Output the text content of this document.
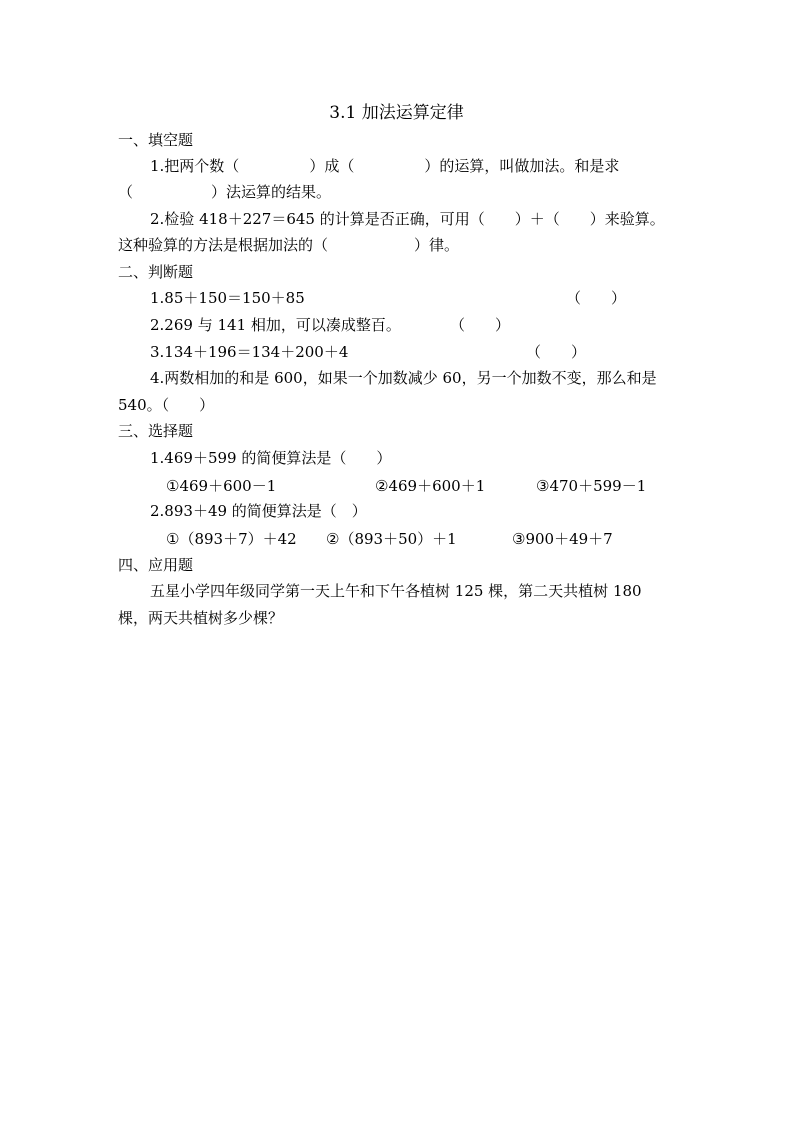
3.1 加法运算定律
一、填空题
1.把两个数（	）成（	）的运算，叫做加法。和是求
（	）法运算的结果。
2.检验 418＋227＝645 的计算是否正确，可用（ ）＋（ ）来验算。
这种验算的方法是根据加法的（	）律。
二、判断题
1.85＋150＝150＋85	（　　）
2.269 与 141 相加，可以凑成整百。	（　　）
3.134＋196＝134＋200＋4	（　　）
4.两数相加的和是 600，如果一个加数减少 60，另一个加数不变，那么和是
540。（　　）
三、选择题
1.469＋599 的简便算法是（　　）
①469＋600－1	②469＋600＋1	③470＋599－1
2.893＋49 的简便算法是（　）
①（893＋7）＋42 ②（893＋50）＋1	③900＋49＋7
四、应用题
五星小学四年级同学第一天上午和下午各植树 125 棵，第二天共植树 180
棵，两天共植树多少棵？
